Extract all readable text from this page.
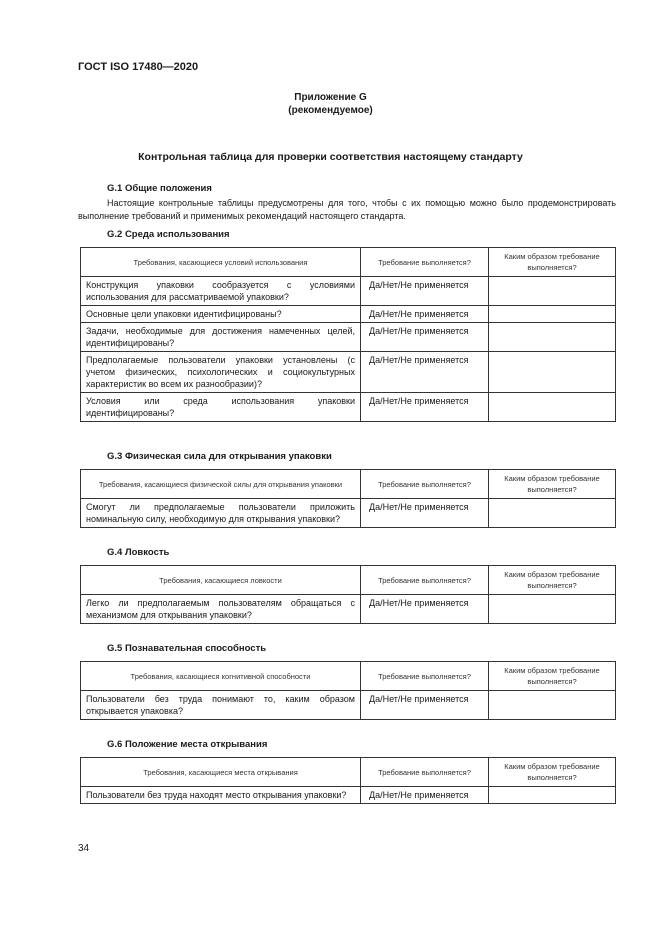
ГОСТ ISO 17480—2020
Приложение G
(рекомендуемое)
Контрольная таблица для проверки соответствия настоящему стандарту
G.1 Общие положения
Настоящие контрольные таблицы предусмотрены для того, чтобы с их помощью можно было продемонстрировать выполнение требований и применимых рекомендаций настоящего стандарта.
G.2 Среда использования
Требования, касающиеся условий использования	Требование выполняется?	Каким образом требование выполняется?
Конструкция упаковки сообразуется с условиями использования для рассматриваемой упаковки?	Да/Нет/Не применяется	
Основные цели упаковки идентифицированы?	Да/Нет/Не применяется	
Задачи, необходимые для достижения намеченных целей, идентифицированы?	Да/Нет/Не применяется	
Предполагаемые пользователи упаковки установлены (с учетом физических, психологических и социокультурных характеристик во всем их разнообразии)?	Да/Нет/Не применяется	
Условия или среда использования упаковки идентифицированы?	Да/Нет/Не применяется	
G.3 Физическая сила для открывания упаковки
Требования, касающиеся физической силы для открывания упаковки	Требование выполняется?	Каким образом требование выполняется?
Смогут ли предполагаемые пользователи приложить номинальную силу, необходимую для открывания упаковки?	Да/Нет/Не применяется	
G.4 Ловкость
Требования, касающиеся ловкости	Требование выполняется?	Каким образом требование выполняется?
Легко ли предполагаемым пользователям обращаться с механизмом для открывания упаковки?	Да/Нет/Не применяется	
G.5 Познавательная способность
Требования, касающиеся когнитивной способности	Требование выполняется?	Каким образом требование выполняется?
Пользователи без труда понимают то, каким образом открывается упаковка?	Да/Нет/Не применяется	
G.6 Положение места открывания
Требования, касающиеся места открывания	Требование выполняется?	Каким образом требование выполняется?
Пользователи без труда находят место открывания упаковки?	Да/Нет/Не применяется	
34
